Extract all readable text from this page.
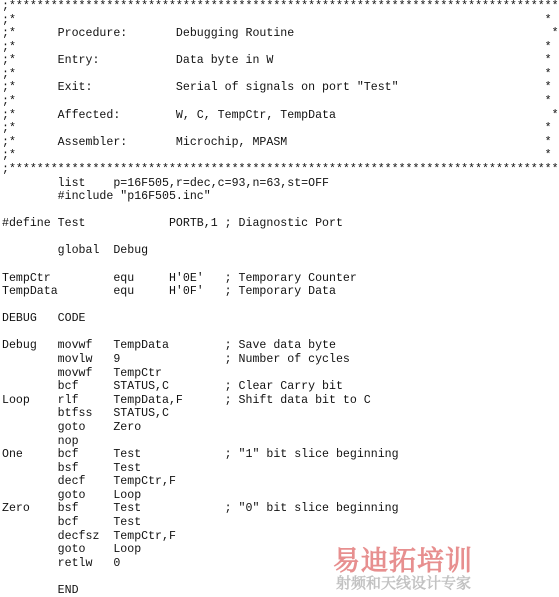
;*******************************************************************************
;*                                                                            *
;*      Procedure:       Debugging Routine                                     *
;*                                                                            *
;*      Entry:           Data byte in W                                       *
;*                                                                            *
;*      Exit:            Serial of signals on port "Test"                     *
;*                                                                            *
;*      Affected:        W, C, TempCtr, TempData                               *
;*                                                                            *
;*      Assembler:       Microchip, MPASM                                     *
;*                                                                            *
;*******************************************************************************
list    p=16F505,r=dec,c=93,n=63,st=OFF
#include "p16F505.inc"

#define Test            PORTB,1 ; Diagnostic Port

global  Debug

TempCtr         equ     H'0E'   ; Temporary Counter
TempData        equ     H'0F'   ; Temporary Data

DEBUG   CODE

Debug   movwf   TempData        ; Save data byte
movlw   9               ; Number of cycles
movwf   TempCtr
bcf     STATUS,C        ; Clear Carry bit
Loop    rlf     TempData,F      ; Shift data bit to C
btfss   STATUS,C
goto    Zero
nop
One     bcf     Test            ; "1" bit slice beginning
bsf     Test
decf    TempCtr,F
goto    Loop
Zero    bsf     Test            ; "0" bit slice beginning
bcf     Test
decfsz  TempCtr,F
goto    Loop
retlw   0

END
易迪拓培训
射频和天线设计专家
